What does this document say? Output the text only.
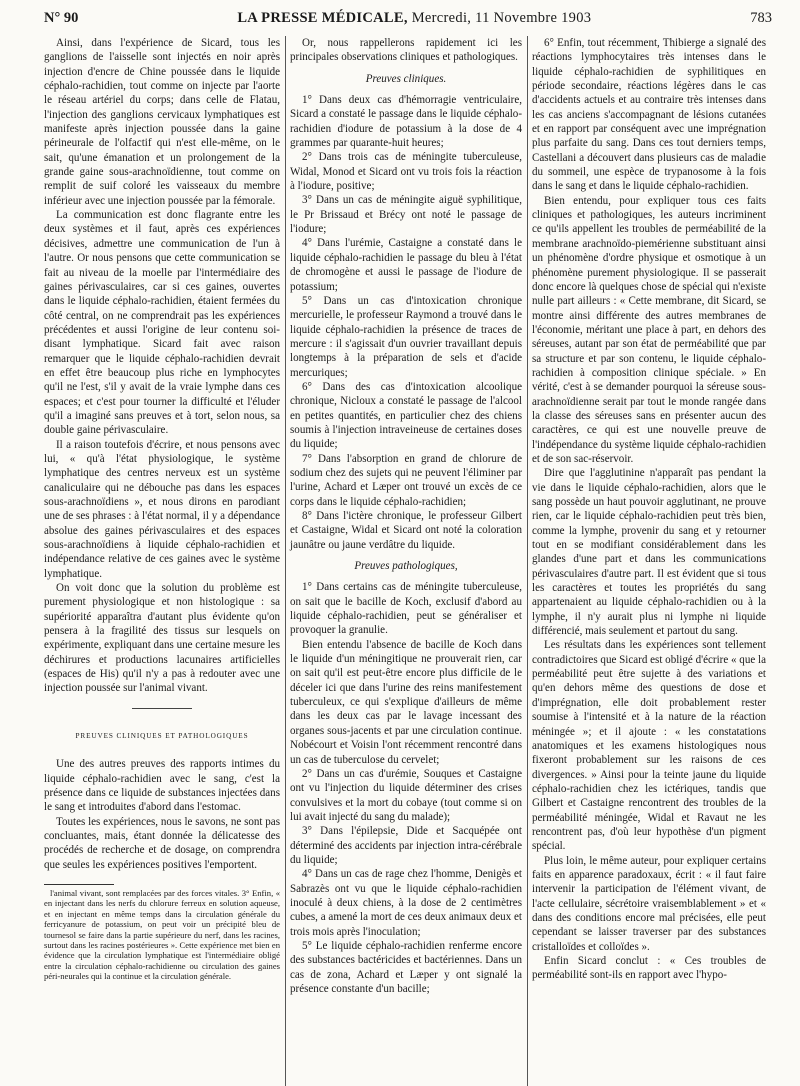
N° 90	LA PRESSE MÉDICALE, Mercredi, 11 Novembre 1903	783

Ainsi, dans l'expérience de Sicard, tous les ganglions de l'aisselle sont injectés en noir après injection d'encre de Chine poussée dans le liquide céphalo-rachidien, tout comme on injecte par l'aorte le réseau artériel du corps; dans celle de Flatau, l'injection des ganglions cervicaux lymphatiques est manifeste après injection poussée dans la gaine périneurale de l'olfactif qui n'est elle-même, on le sait, qu'une émanation et un prolongement de la grande gaine sous-arachnoïdienne, tout comme on remplit de suif coloré les vaisseaux du membre inférieur avec une injection poussée par la fémorale.

La communication est donc flagrante entre les deux systèmes et il faut, après ces expériences décisives, admettre une communication de l'un à l'autre. Or nous pensons que cette communication se fait au niveau de la moelle par l'intermédiaire des gaines périvasculaires, car si ces gaines, ouvertes dans le liquide céphalo-rachidien, étaient fermées du côté central, on ne comprendrait pas les expériences précédentes et aussi l'origine de leur contenu soi-disant lymphatique. Sicard fait avec raison remarquer que le liquide céphalo-rachidien devrait en effet être beaucoup plus riche en lymphocytes qu'il ne l'est, s'il y avait de la vraie lymphe dans ces espaces; et c'est pour tourner la difficulté et l'éluder qu'il a imaginé sans preuves et à tort, selon nous, sa double gaine périvasculaire.

Il a raison toutefois d'écrire, et nous pensons avec lui, « qu'à l'état physiologique, le système lymphatique des centres nerveux est un système canaliculaire qui ne débouche pas dans les espaces sous-arachnoïdiens », et nous dirons en parodiant une de ses phrases : à l'état normal, il y a dépendance absolue des gaines périvasculaires et des espaces sous-arachnoïdiens à liquide céphalo-rachidien et indépendance relative de ces gaines avec le système lymphatique.

On voit donc que la solution du problème est purement physiologique et non histologique : sa supériorité apparaîtra d'autant plus évidente qu'on pensera à la fragilité des tissus sur lesquels on expérimente, expliquant dans une certaine mesure les déchirures et productions lacunaires artificielles (espaces de His) qu'il n'y a pas à redouter avec une injection poussée sur l'animal vivant.

PREUVES CLINIQUES ET PATHOLOGIQUES

Une des autres preuves des rapports intimes du liquide céphalo-rachidien avec le sang, c'est la présence dans ce liquide de substances injectées dans le sang et introduites d'abord dans l'estomac.

Toutes les expériences, nous le savons, ne sont pas concluantes, mais, étant donnée la délicatesse des procédés de recherche et de dosage, on comprendra que seules les expériences positives l'emportent.

l'animal vivant, sont remplacées par des forces vitales. 3° Enfin, « en injectant dans les nerfs du chlorure ferreux en solution aqueuse, et en injectant en même temps dans la circulation générale du ferricyanure de potassium, on peut voir un précipité bleu de tournesol se faire dans la partie supérieure du nerf, dans les racines, surtout dans les racines postérieures ». Cette expérience met bien en évidence que la circulation lymphatique est l'intermédiaire obligé entre la circulation céphalo-rachidienne ou circulation des gaines péri-neurales qui la continue et la circulation générale.

Or, nous rappellerons rapidement ici les principales observations cliniques et pathologiques.

Preuves cliniques.

1° Dans deux cas d'hémorragie ventriculaire, Sicard a constaté le passage dans le liquide céphalo-rachidien d'iodure de potassium à la dose de 4 grammes par quarante-huit heures;

2° Dans trois cas de méningite tuberculeuse, Widal, Monod et Sicard ont vu trois fois la réaction à l'iodure, positive;

3° Dans un cas de méningite aiguë syphilitique, le Pr Brissaud et Brécy ont noté le passage de l'iodure;

4° Dans l'urémie, Castaigne a constaté dans le liquide céphalo-rachidien le passage du bleu à l'état de chromogène et aussi le passage de l'iodure de potassium;

5° Dans un cas d'intoxication chronique mercurielle, le professeur Raymond a trouvé dans le liquide céphalo-rachidien la présence de traces de mercure : il s'agissait d'un ouvrier travaillant depuis longtemps à la préparation de sels et d'acide mercuriques;

6° Dans des cas d'intoxication alcoolique chronique, Nicloux a constaté le passage de l'alcool en petites quantités, en particulier chez des chiens soumis à l'injection intraveineuse de certaines doses du liquide;

7° Dans l'absorption en grand de chlorure de sodium chez des sujets qui ne peuvent l'éliminer par l'urine, Achard et Læper ont trouvé un excès de ce corps dans le liquide céphalo-rachidien;

8° Dans l'ictère chronique, le professeur Gilbert et Castaigne, Widal et Sicard ont noté la coloration jaunâtre ou jaune verdâtre du liquide.

Preuves pathologiques,

1° Dans certains cas de méningite tuberculeuse, on sait que le bacille de Koch, exclusif d'abord au liquide céphalo-rachidien, peut se généraliser et provoquer la granulie.

Bien entendu l'absence de bacille de Koch dans le liquide d'un méningitique ne prouverait rien, car on sait qu'il est peut-être encore plus difficile de le déceler ici que dans l'urine des reins manifestement tuberculeux, ce qui s'explique d'ailleurs de même dans les deux cas par le lavage incessant des organes sous-jacents et par une circulation continue. Nobécourt et Voisin l'ont récemment rencontré dans un cas de tuberculose du cervelet;

2° Dans un cas d'urémie, Souques et Castaigne ont vu l'injection du liquide déterminer des crises convulsives et la mort du cobaye (tout comme si on lui avait injecté du sang du malade);

3° Dans l'épilepsie, Dide et Sacquépée ont déterminé des accidents par injection intra-cérébrale du liquide;

4° Dans un cas de rage chez l'homme, Denigès et Sabrazès ont vu que le liquide céphalo-rachidien inoculé à deux chiens, à la dose de 2 centimètres cubes, a amené la mort de ces deux animaux deux et trois mois après l'inoculation;

5° Le liquide céphalo-rachidien renferme encore des substances bactéricides et bactériennes. Dans un cas de zona, Achard et Læper y ont signalé la présence constante d'un bacille;

6° Enfin, tout récemment, Thibierge a signalé des réactions lymphocytaires très intenses dans le liquide céphalo-rachidien de syphilitiques en période secondaire, réactions légères dans le cas d'accidents actuels et au contraire très intenses dans les cas anciens s'accompagnant de lésions cutanées et en rapport par conséquent avec une imprégnation plus parfaite du sang. Dans ces tout derniers temps, Castellani a découvert dans plusieurs cas de maladie du sommeil, une espèce de trypanosome à la fois dans le sang et dans le liquide céphalo-rachidien.

Bien entendu, pour expliquer tous ces faits cliniques et pathologiques, les auteurs incriminent ce qu'ils appellent les troubles de perméabilité de la membrane arachnoïdo-piemérienne substituant ainsi un phénomène d'ordre physique et osmotique à un phénomène purement physiologique. Il se passerait donc encore là quelques chose de spécial qui n'existe nulle part ailleurs : « Cette membrane, dit Sicard, se montre ainsi différente des autres membranes de l'économie, méritant une place à part, en dehors des séreuses, autant par son état de perméabilité que par sa structure et par son contenu, le liquide céphalo-rachidien à composition clinique spéciale. » En vérité, c'est à se demander pourquoi la séreuse sous-arachnoïdienne serait par tout le monde rangée dans la classe des séreuses sans en présenter aucun des caractères, ce qui est une nouvelle preuve de l'indépendance du système liquide céphalo-rachidien et de son sac-réservoir.

Dire que l'agglutinine n'apparaît pas pendant la vie dans le liquide céphalo-rachidien, alors que le sang possède un haut pouvoir agglutinant, ne prouve rien, car le liquide céphalo-rachidien peut très bien, comme la lymphe, provenir du sang et y retourner tout en se modifiant considérablement dans les glandes d'une part et dans les communications périvasculaires d'autre part. Il est évident que si tous les caractères et toutes les propriétés du sang appartenaient au liquide céphalo-rachidien ou à la lymphe, il n'y aurait plus ni lymphe ni liquide différencié, mais seulement et partout du sang.

Les résultats dans les expériences sont tellement contradictoires que Sicard est obligé d'écrire « que la perméabilité peut être sujette à des variations et qu'en dehors même des questions de dose et d'imprégnation, elle doit probablement rester soumise à l'intensité et à la nature de la réaction méningée »; et il ajoute : « les constatations anatomiques et les examens histologiques nous fixeront probablement sur les raisons de ces divergences. » Ainsi pour la teinte jaune du liquide céphalo-rachidien chez les ictériques, tandis que Gilbert et Castaigne rencontrent des troubles de la perméabilité méningée, Widal et Ravaut ne les rencontrent pas, d'où leur hypothèse d'un pigment spécial.

Plus loin, le même auteur, pour expliquer certains faits en apparence paradoxaux, écrit : « il faut faire intervenir la participation de l'élément vivant, de l'acte cellulaire, sécrétoire vraisemblablement » et « dans des conditions encore mal précisées, elle peut cependant se laisser traverser par des substances cristalloïdes et colloïdes ».

Enfin Sicard conclut : « Ces troubles de perméabilité sont-ils en rapport avec l'hypo-
